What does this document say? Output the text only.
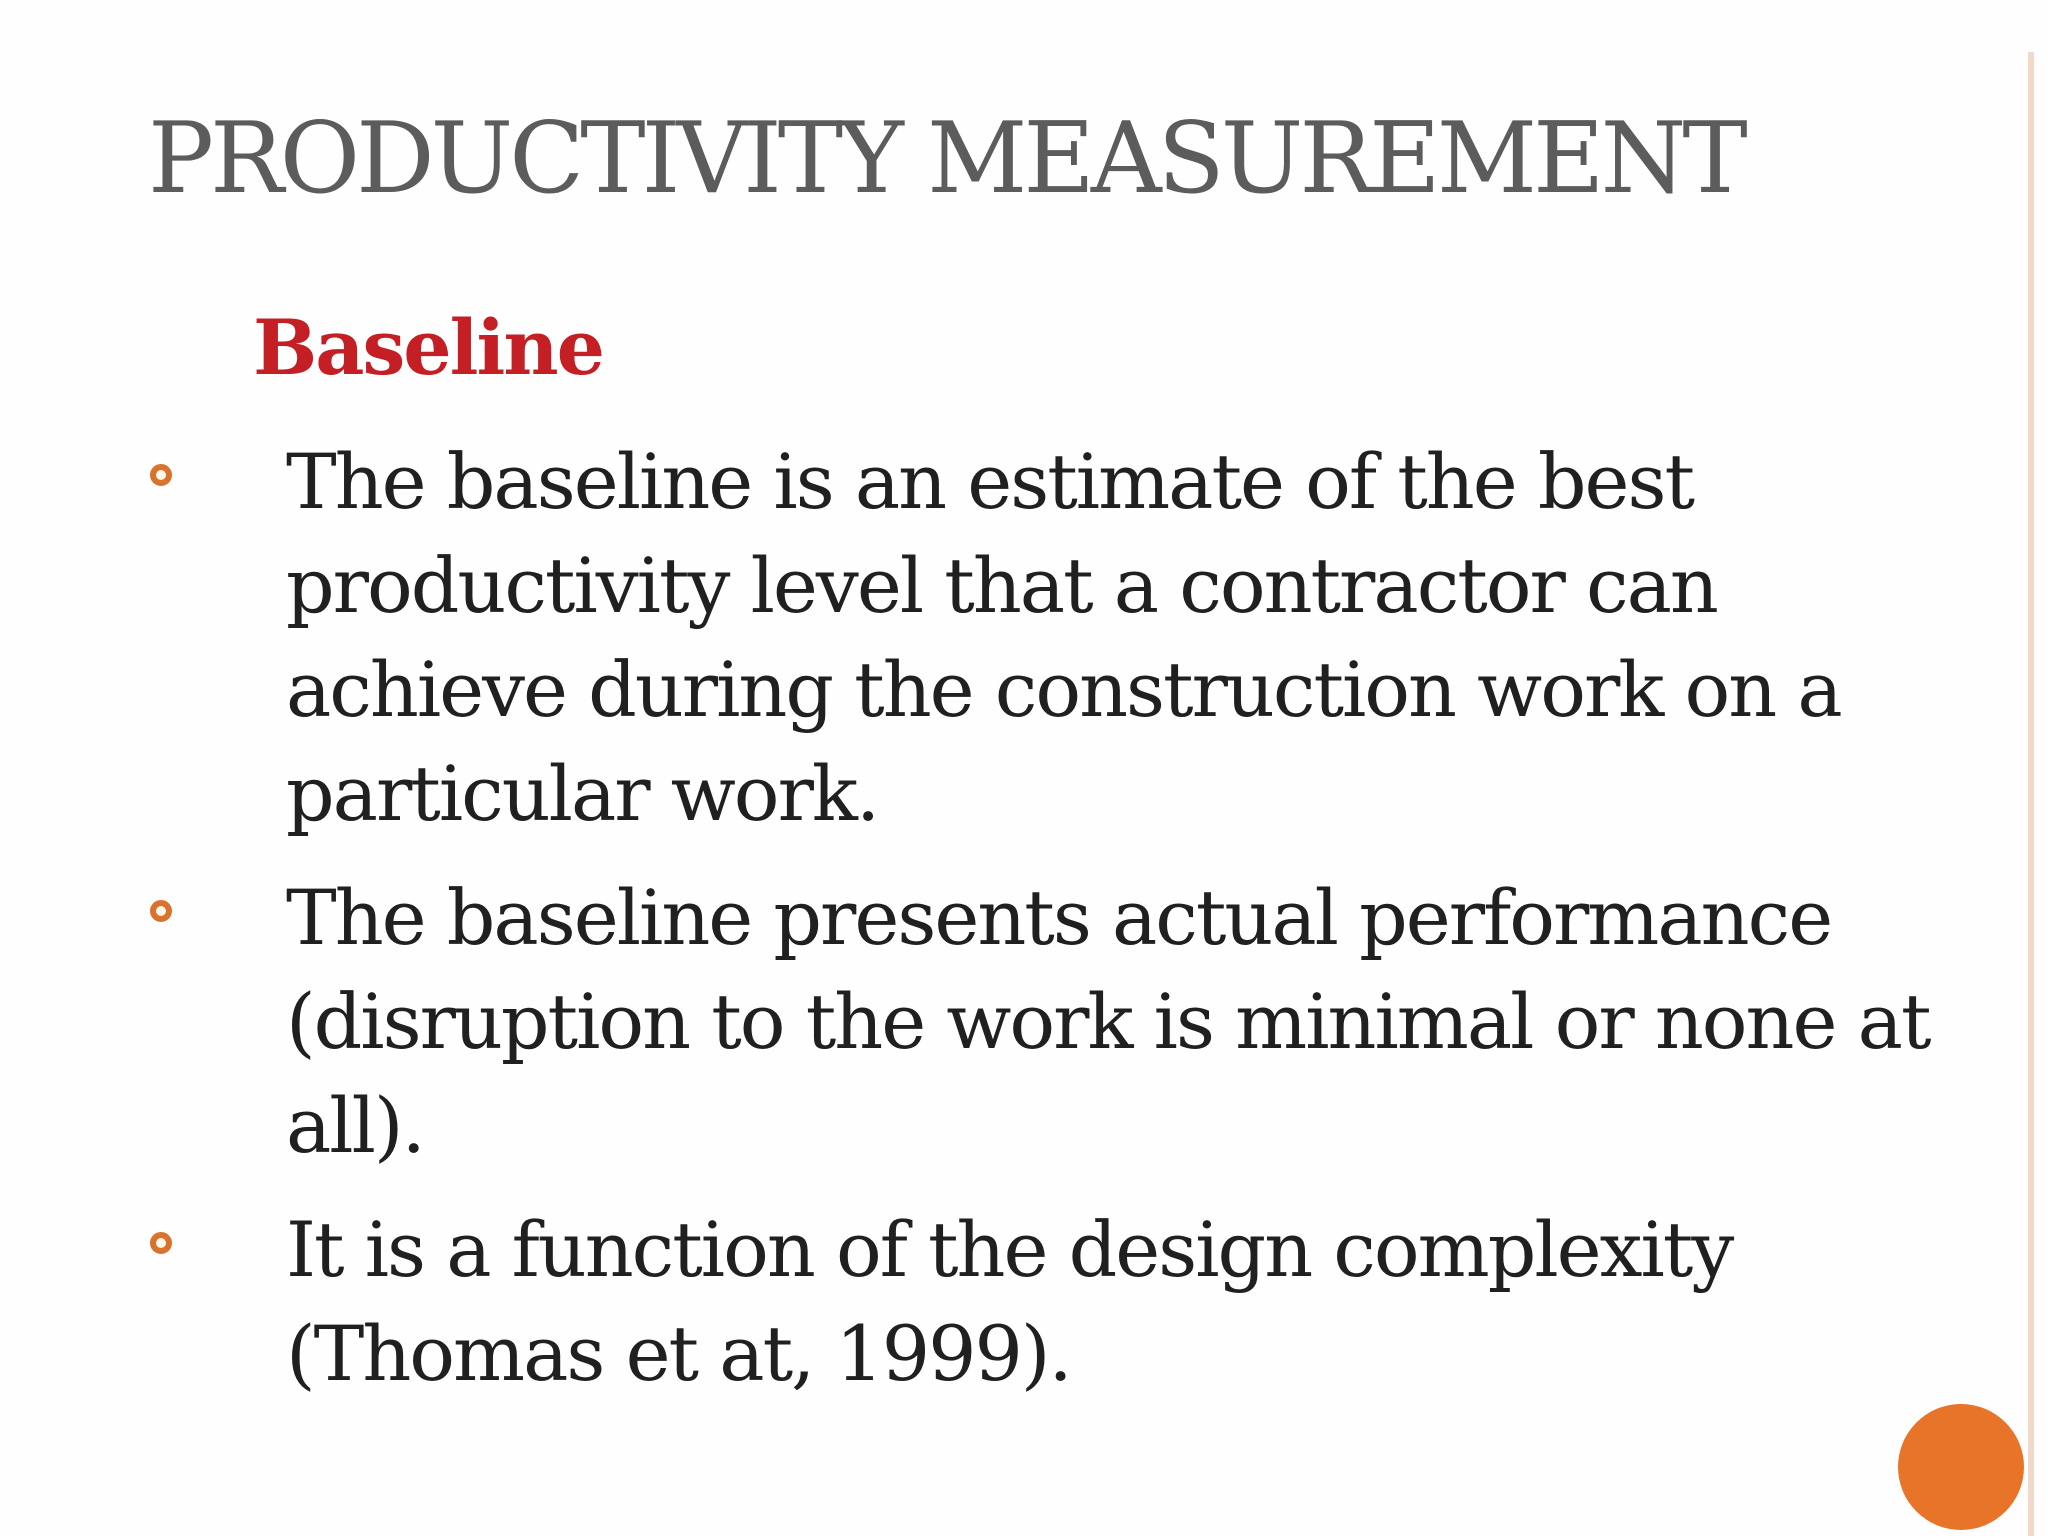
PRODUCTIVITY MEASUREMENT
Baseline
The baseline is an estimate of the best productivity level that a contractor can achieve during the construction work on a particular work.
The baseline presents actual performance (disruption to the work is minimal or none at all).
It is a function of the design complexity (Thomas et at, 1999).
